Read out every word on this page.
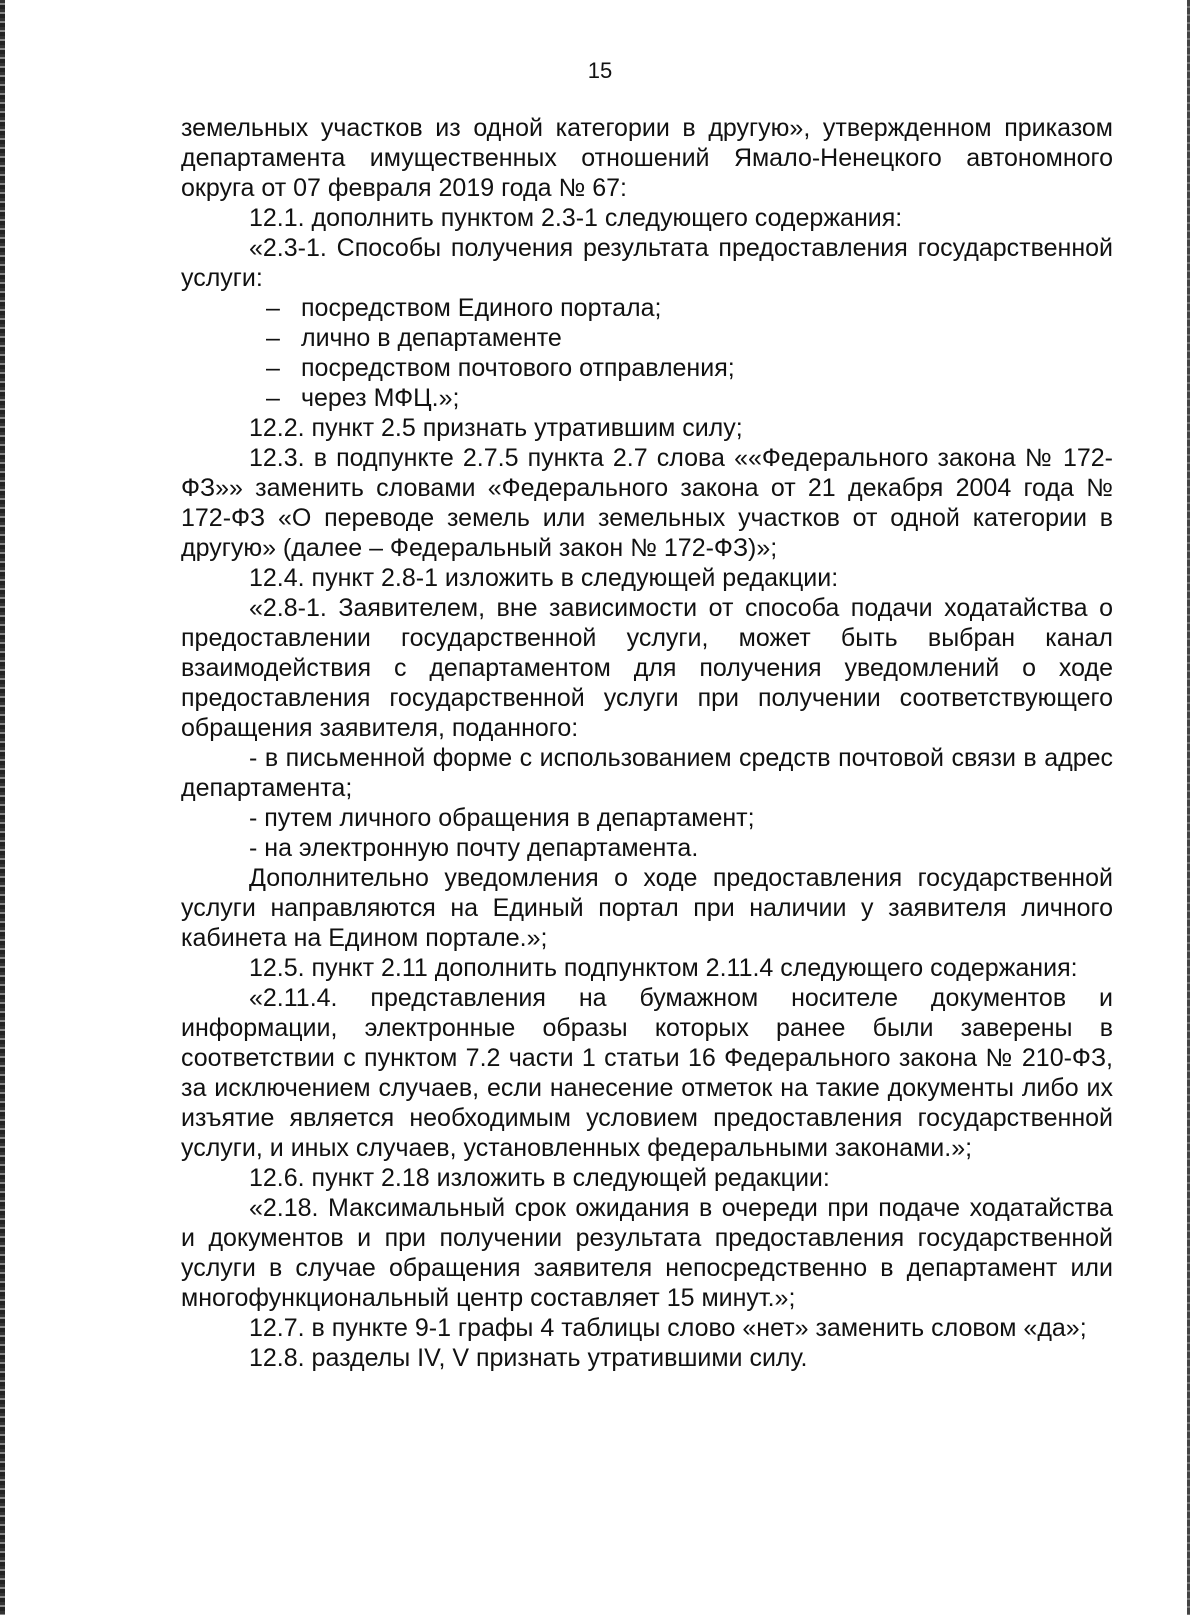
15

земельных участков из одной категории в другую», утвержденном приказом департамента имущественных отношений Ямало-Ненецкого автономного округа от 07 февраля 2019 года № 67:

12.1. дополнить пунктом 2.3-1 следующего содержания:

«2.3-1. Способы получения результата предоставления государственной услуги:

– посредством Единого портала;

– лично в департаменте

– посредством почтового отправления;

– через МФЦ.»;

12.2. пункт 2.5 признать утратившим силу;

12.3. в подпункте 2.7.5 пункта 2.7 слова ««Федерального закона № 172-ФЗ»» заменить словами «Федерального закона от 21 декабря 2004 года № 172-ФЗ «О переводе земель или земельных участков от одной категории в другую» (далее – Федеральный закон № 172-ФЗ)»;

12.4. пункт 2.8-1 изложить в следующей редакции:

«2.8-1. Заявителем, вне зависимости от способа подачи ходатайства о предоставлении государственной услуги, может быть выбран канал взаимодействия с департаментом для получения уведомлений о ходе предоставления государственной услуги при получении соответствующего обращения заявителя, поданного:

- в письменной форме с использованием средств почтовой связи в адрес департамента;

- путем личного обращения в департамент;

- на электронную почту департамента.

Дополнительно уведомления о ходе предоставления государственной услуги направляются на Единый портал при наличии у заявителя личного кабинета на Едином портале.»;

12.5. пункт 2.11 дополнить подпунктом 2.11.4 следующего содержания:

«2.11.4. представления на бумажном носителе документов и информации, электронные образы которых ранее были заверены в соответствии с пунктом 7.2 части 1 статьи 16 Федерального закона № 210-ФЗ, за исключением случаев, если нанесение отметок на такие документы либо их изъятие является необходимым условием предоставления государственной услуги, и иных случаев, установленных федеральными законами.»;

12.6. пункт 2.18 изложить в следующей редакции:

«2.18. Максимальный срок ожидания в очереди при подаче ходатайства и документов и при получении результата предоставления государственной услуги в случае обращения заявителя непосредственно в департамент или многофункциональный центр составляет 15 минут.»;

12.7. в пункте 9-1 графы 4 таблицы слово «нет» заменить словом «да»;

12.8. разделы IV, V признать утратившими силу.
